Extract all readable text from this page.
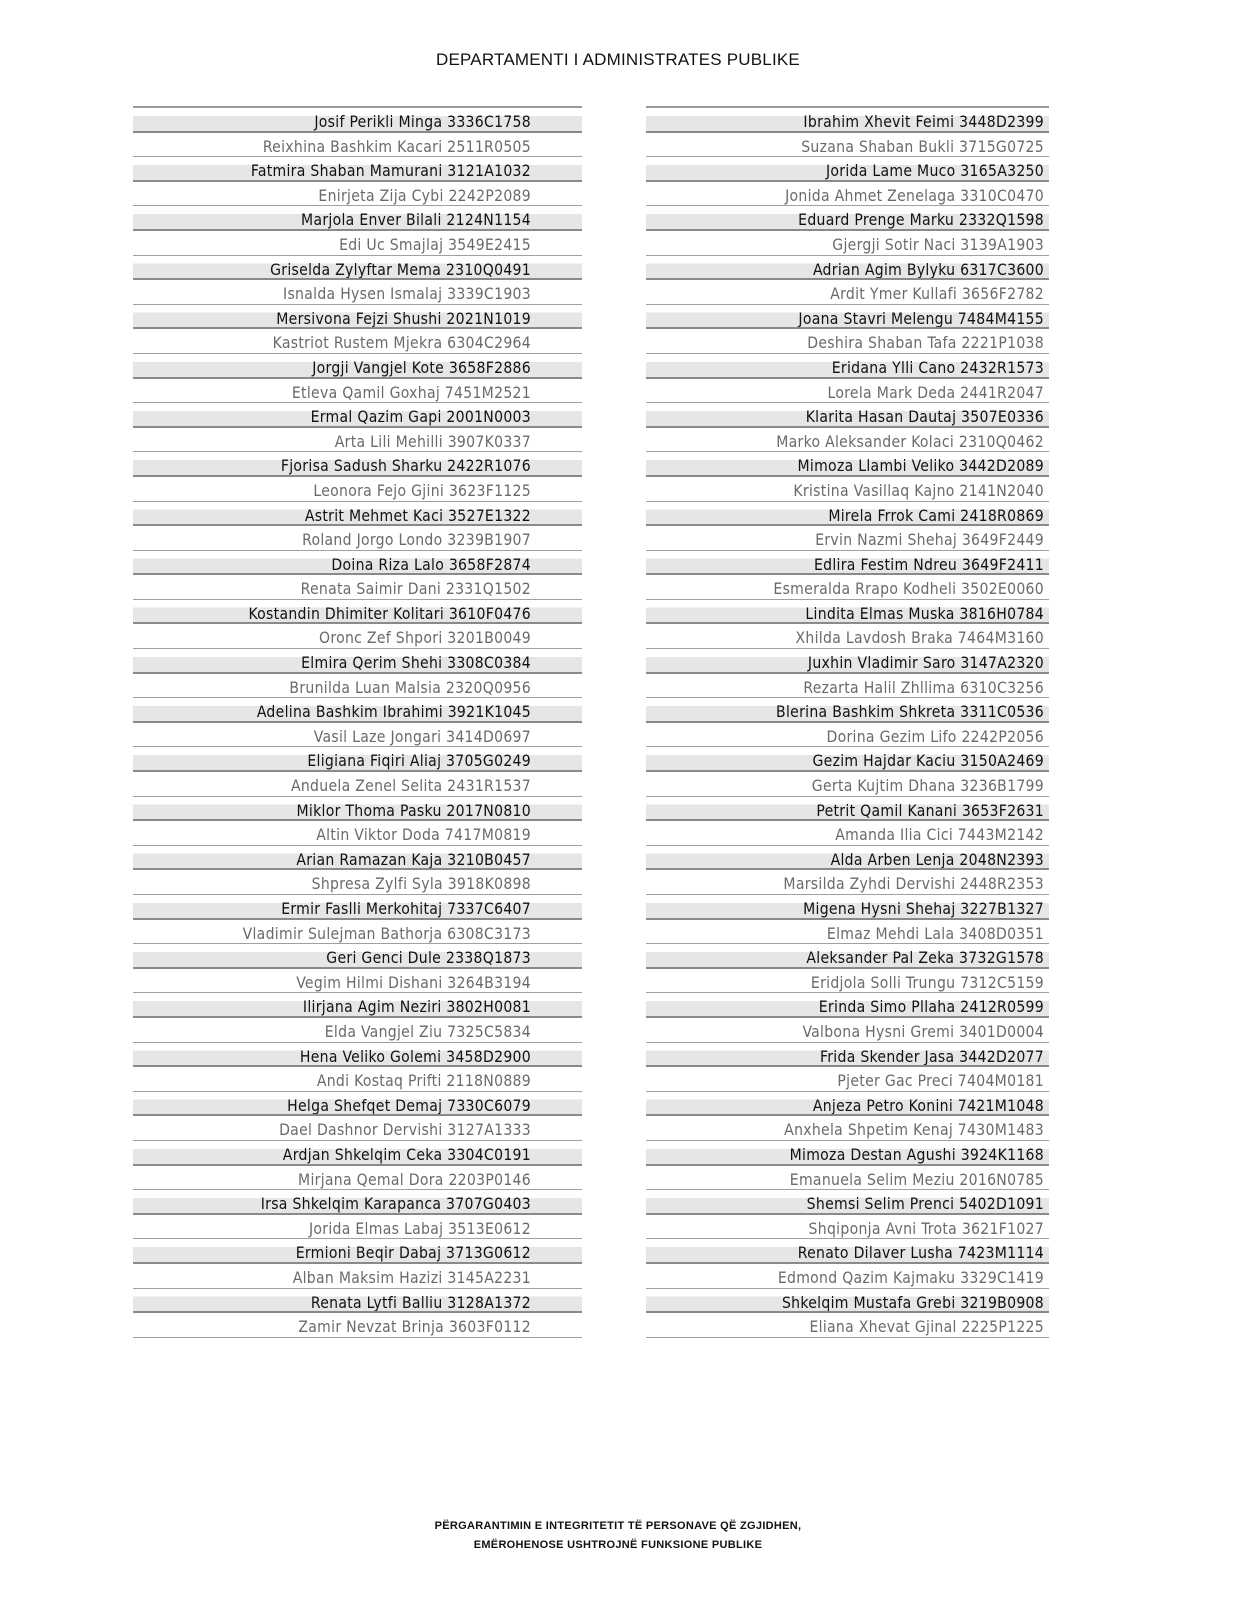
DEPARTAMENTI I ADMINISTRATES PUBLIKE
Josif Perikli Minga 3336C1758
Reixhina Bashkim Kacari 2511R0505
Fatmira Shaban Mamurani 3121A1032
Enirjeta Zija Cybi 2242P2089
Marjola Enver Bilali 2124N1154
Edi Uc Smajlaj 3549E2415
Griselda Zylyftar Mema 2310Q0491
Isnalda Hysen Ismalaj 3339C1903
Mersivona Fejzi Shushi 2021N1019
Kastriot Rustem Mjekra 6304C2964
Jorgji Vangjel Kote 3658F2886
Etleva Qamil Goxhaj 7451M2521
Ermal Qazim Gapi 2001N0003
Arta Lili Mehilli 3907K0337
Fjorisa Sadush Sharku 2422R1076
Leonora Fejo Gjini 3623F1125
Astrit Mehmet Kaci 3527E1322
Roland Jorgo Londo 3239B1907
Doina Riza Lalo 3658F2874
Renata Saimir Dani 2331Q1502
Kostandin Dhimiter Kolitari 3610F0476
Oronc Zef Shpori 3201B0049
Elmira Qerim Shehi 3308C0384
Brunilda Luan Malsia 2320Q0956
Adelina Bashkim Ibrahimi 3921K1045
Vasil Laze Jongari 3414D0697
Eligiana Fiqiri Aliaj 3705G0249
Anduela Zenel Selita 2431R1537
Miklor Thoma Pasku 2017N0810
Altin Viktor Doda 7417M0819
Arian Ramazan Kaja 3210B0457
Shpresa Zylfi Syla 3918K0898
Ermir Faslli Merkohitaj 7337C6407
Vladimir Sulejman Bathorja 6308C3173
Geri Genci Dule 2338Q1873
Vegim Hilmi Dishani 3264B3194
Ilirjana Agim Neziri 3802H0081
Elda Vangjel Ziu 7325C5834
Hena Veliko Golemi 3458D2900
Andi Kostaq Prifti 2118N0889
Helga Shefqet Demaj 7330C6079
Dael Dashnor Dervishi 3127A1333
Ardjan Shkelqim Ceka 3304C0191
Mirjana Qemal Dora 2203P0146
Irsa Shkelqim Karapanca 3707G0403
Jorida Elmas Labaj 3513E0612
Ermioni Beqir Dabaj 3713G0612
Alban Maksim Hazizi 3145A2231
Renata Lytfi Balliu 3128A1372
Zamir Nevzat Brinja 3603F0112
Ibrahim Xhevit Feimi 3448D2399
Suzana Shaban Bukli 3715G0725
Jorida Lame Muco 3165A3250
Jonida Ahmet Zenelaga 3310C0470
Eduard Prenge Marku 2332Q1598
Gjergji Sotir Naci 3139A1903
Adrian Agim Bylyku 6317C3600
Ardit Ymer Kullafi 3656F2782
Joana Stavri Melengu 7484M4155
Deshira Shaban Tafa 2221P1038
Eridana Ylli Cano 2432R1573
Lorela Mark Deda 2441R2047
Klarita Hasan Dautaj 3507E0336
Marko Aleksander Kolaci 2310Q0462
Mimoza Llambi Veliko 3442D2089
Kristina Vasillaq Kajno 2141N2040
Mirela Frrok Cami 2418R0869
Ervin Nazmi Shehaj 3649F2449
Edlira Festim Ndreu 3649F2411
Esmeralda Rrapo Kodheli 3502E0060
Lindita Elmas Muska 3816H0784
Xhilda Lavdosh Braka 7464M3160
Juxhin Vladimir Saro 3147A2320
Rezarta Halil Zhllima 6310C3256
Blerina Bashkim Shkreta 3311C0536
Dorina Gezim Lifo 2242P2056
Gezim Hajdar Kaciu 3150A2469
Gerta Kujtim Dhana 3236B1799
Petrit Qamil Kanani 3653F2631
Amanda Ilia Cici 7443M2142
Alda Arben Lenja 2048N2393
Marsilda Zyhdi Dervishi 2448R2353
Migena Hysni Shehaj 3227B1327
Elmaz Mehdi Lala 3408D0351
Aleksander Pal Zeka 3732G1578
Eridjola Solli Trungu 7312C5159
Erinda Simo Pllaha 2412R0599
Valbona Hysni Gremi 3401D0004
Frida Skender Jasa 3442D2077
Pjeter Gac Preci 7404M0181
Anjeza Petro Konini 7421M1048
Anxhela Shpetim Kenaj 7430M1483
Mimoza Destan Agushi 3924K1168
Emanuela Selim Meziu 2016N0785
Shemsi Selim Prenci 5402D1091
Shqiponja Avni Trota 3621F1027
Renato Dilaver Lusha 7423M1114
Edmond Qazim Kajmaku 3329C1419
Shkelqim Mustafa Grebi 3219B0908
Eliana Xhevat Gjinal 2225P1225
PËRGARANTIMIN E INTEGRITETIT TË PERSONAVE QË ZGJIDHEN,
EMËROHENOSE USHTROJNË FUNKSIONE PUBLIKE
